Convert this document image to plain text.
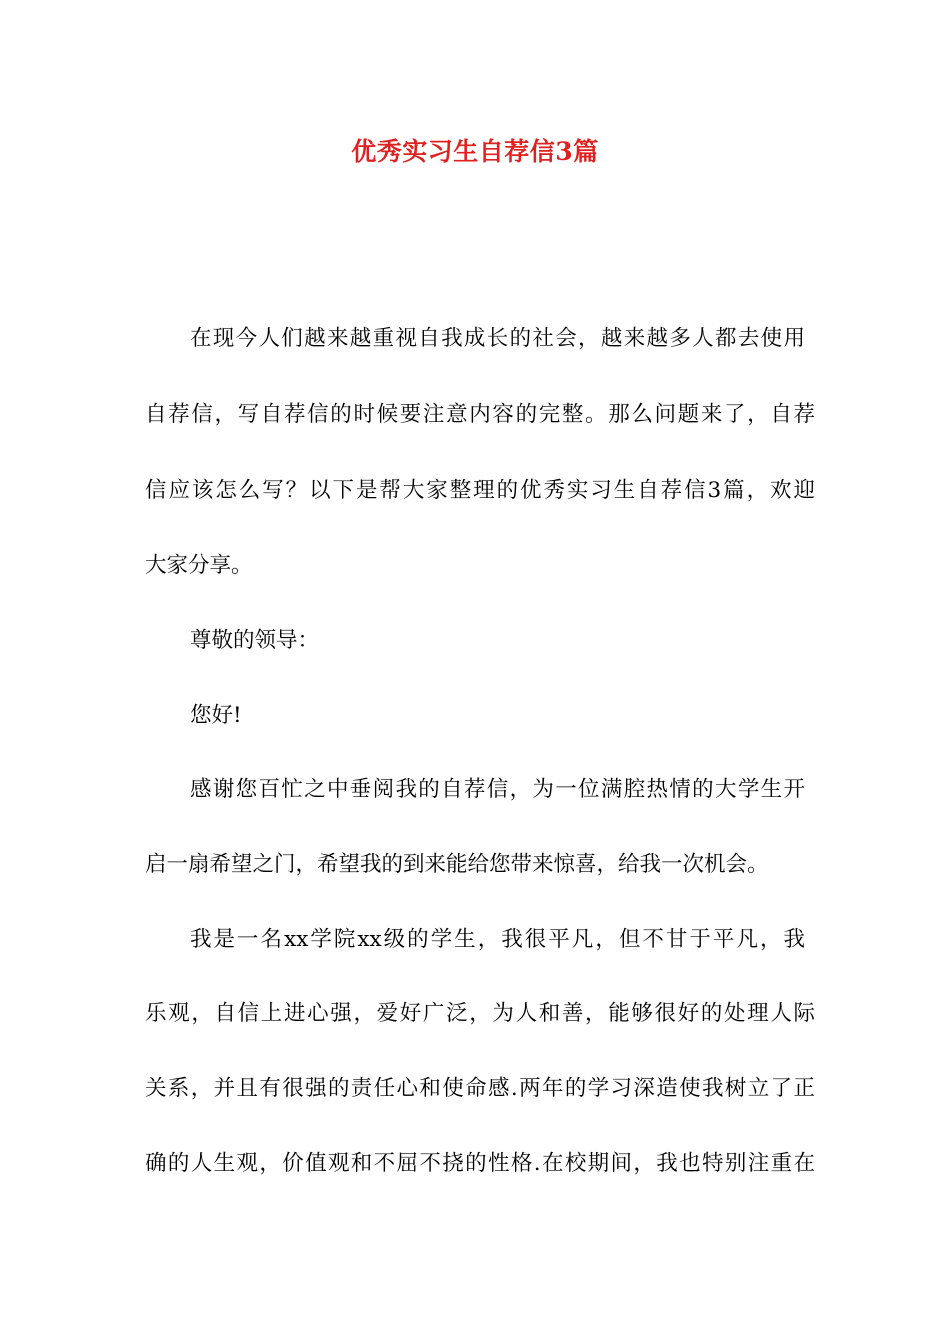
优秀实习生自荐信3篇
在现今人们越来越重视自我成长的社会，越来越多人都去使用
自荐信，写自荐信的时候要注意内容的完整。那么问题来了，自荐
信应该怎么写？以下是帮大家整理的优秀实习生自荐信3篇，欢迎
大家分享。
尊敬的领导：
您好!
感谢您百忙之中垂阅我的自荐信，为一位满腔热情的大学生开
启一扇希望之门，希望我的到来能给您带来惊喜，给我一次机会。
我是一名xx学院xx级的学生，我很平凡，但不甘于平凡，我
乐观，自信上进心强，爱好广泛，为人和善，能够很好的处理人际
关系，并且有很强的责任心和使命感.两年的学习深造使我树立了正
确的人生观，价值观和不屈不挠的性格.在校期间，我也特别注重在
